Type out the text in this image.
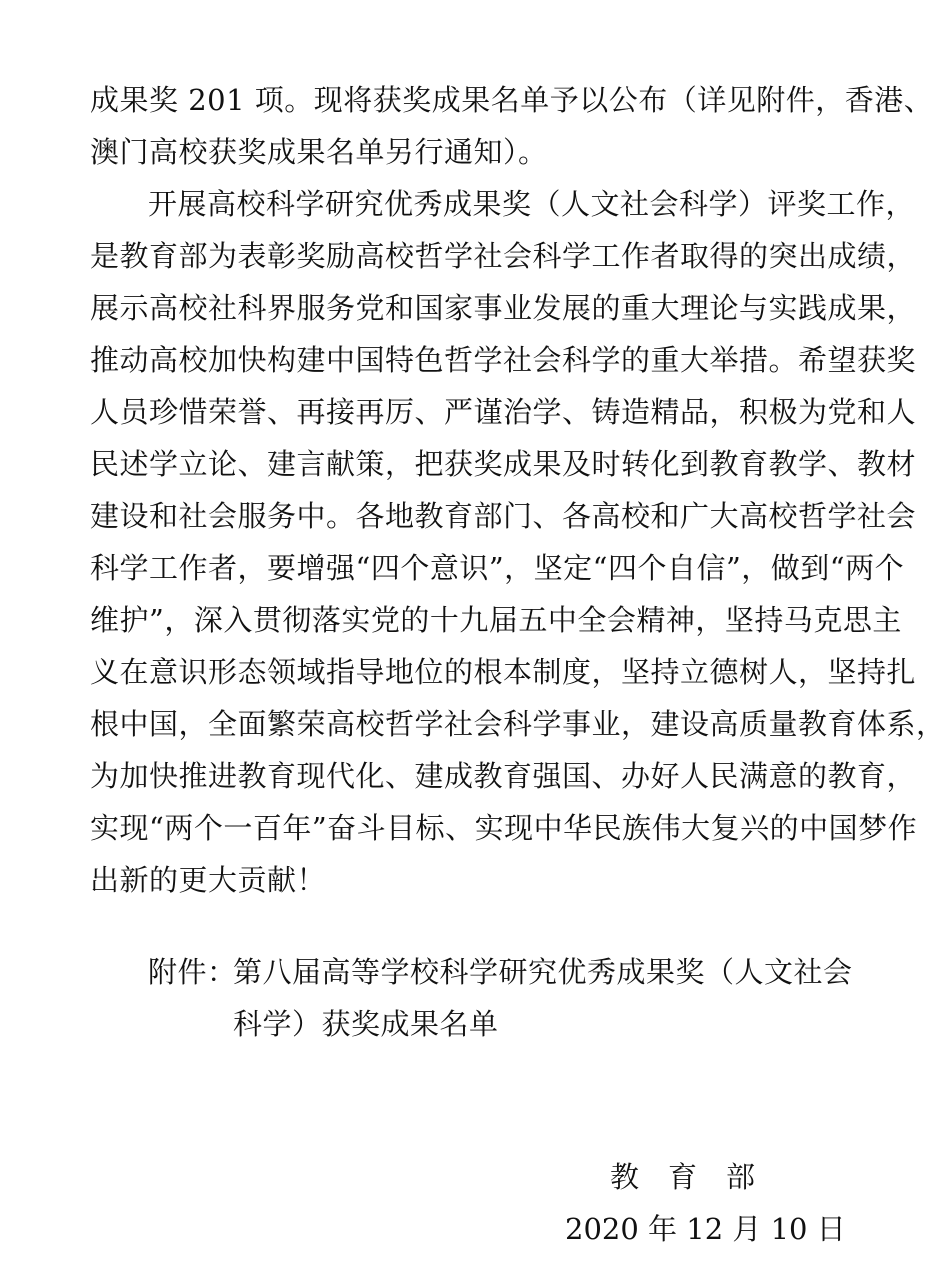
成果奖 201 项。现将获奖成果名单予以公布（详见附件，香港、
澳门高校获奖成果名单另行通知）。
开展高校科学研究优秀成果奖（人文社会科学）评奖工作，
是教育部为表彰奖励高校哲学社会科学工作者取得的突出成绩，
展示高校社科界服务党和国家事业发展的重大理论与实践成果，
推动高校加快构建中国特色哲学社会科学的重大举措。希望获奖
人员珍惜荣誉、再接再厉、严谨治学、铸造精品，积极为党和人
民述学立论、建言献策，把获奖成果及时转化到教育教学、教材
建设和社会服务中。各地教育部门、各高校和广大高校哲学社会
科学工作者，要增强“四个意识”，坚定“四个自信”，做到“两个
维护”，深入贯彻落实党的十九届五中全会精神，坚持马克思主
义在意识形态领域指导地位的根本制度，坚持立德树人，坚持扎
根中国，全面繁荣高校哲学社会科学事业，建设高质量教育体系，
为加快推进教育现代化、建成教育强国、办好人民满意的教育，
实现“两个一百年”奋斗目标、实现中华民族伟大复兴的中国梦作
出新的更大贡献！
附件：
第八届高等学校科学研究优秀成果奖（人文社会
科学）获奖成果名单
教　育　部
2020 年 12 月 10 日
